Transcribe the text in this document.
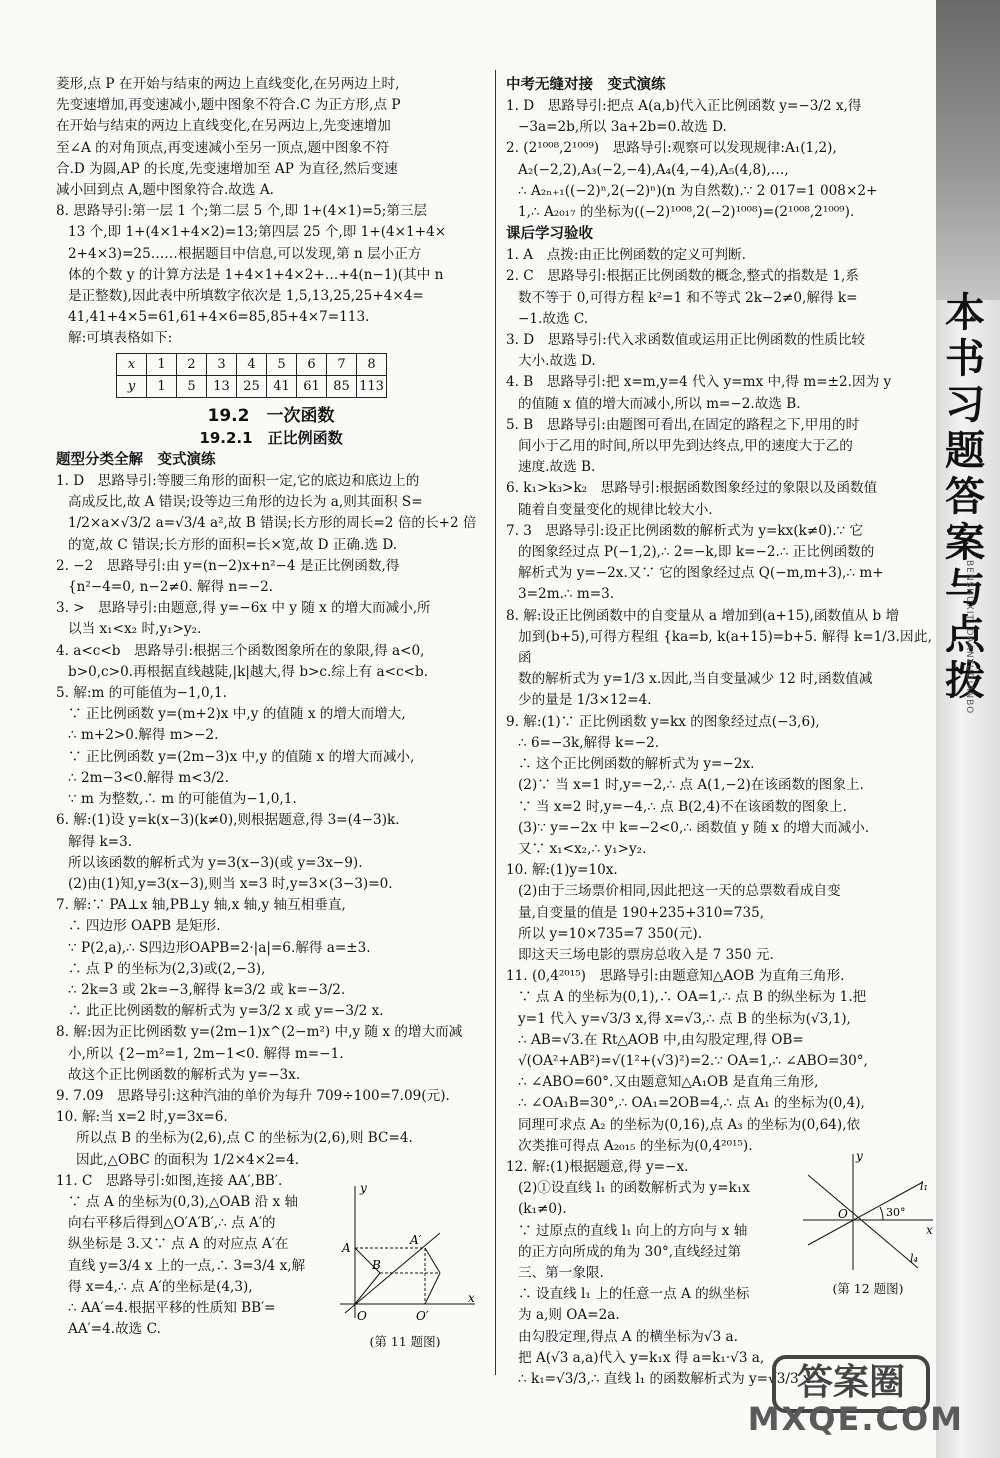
本书习题答案与点拨
BENSHUXITI DAANYUDIANBO

菱形,点 P 在开始与结束的两边上直线变化,在另两边上时,

先变速增加,再变速减小,题中图象不符合.C 为正方形,点 P

在开始与结束的两边上直线变化,在另两边上,先变速增加

至∠A 的对角顶点,再变速减小至另一顶点,题中图象不符

合.D 为圆,AP 的长度,先变速增加至 AP 为直径,然后变速

减小回到点 A,题中图象符合.故选 A.

8. 思路导引:第一层 1 个;第二层 5 个,即 1+(4×1)=5;第三层

13 个,即 1+(4×1+4×2)=13;第四层 25 个,即 1+(4×1+4×

2+4×3)=25……根据题目中信息,可以发现,第 n 层小正方

体的个数 y 的计算方法是 1+4×1+4×2+…+4(n−1)(其中 n

是正整数),因此表中所填数字依次是 1,5,13,25,25+4×4=

41,41+4×5=61,61+4×6=85,85+4×7=113.

解:可填表格如下:

x	1	2	3	4	5	6	7	8
y	1	5	13	25	41	61	85	113
19.2　一次函数
19.2.1　正比例函数
题型分类全解　变式演练

1. D　思路导引:等腰三角形的面积一定,它的底边和底边上的

高成反比,故 A 错误;设等边三角形的边长为 a,则其面积 S=

1/2×a×√3/2 a=√3/4 a²,故 B 错误;长方形的周长=2 倍的长+2 倍

的宽,故 C 错误;长方形的面积=长×宽,故 D 正确.选 D.

2. −2　思路导引:由 y=(n−2)x+n²−4 是正比例函数,得

{n²−4=0, n−2≠0. 解得 n=−2.

3. >　思路导引:由题意,得 y=−6x 中 y 随 x 的增大而减小,所

以当 x₁<x₂ 时,y₁>y₂.

4. a<c<b　思路导引:根据三个函数图象所在的象限,得 a<0,

b>0,c>0.再根据直线越陡,|k|越大,得 b>c.综上有 a<c<b.

5. 解:m 的可能值为−1,0,1.

∵ 正比例函数 y=(m+2)x 中,y 的值随 x 的增大而增大,

∴ m+2>0.解得 m>−2.

∵ 正比例函数 y=(2m−3)x 中,y 的值随 x 的增大而减小,

∴ 2m−3<0.解得 m<3/2.

∵ m 为整数,∴ m 的可能值为−1,0,1.

6. 解:(1)设 y=k(x−3)(k≠0),则根据题意,得 3=(4−3)k.

解得 k=3.

所以该函数的解析式为 y=3(x−3)(或 y=3x−9).

(2)由(1)知,y=3(x−3),则当 x=3 时,y=3×(3−3)=0.

7. 解:∵ PA⊥x 轴,PB⊥y 轴,x 轴,y 轴互相垂直,

∴ 四边形 OAPB 是矩形.

∵ P(2,a),∴ S四边形OAPB=2·|a|=6.解得 a=±3.

∴ 点 P 的坐标为(2,3)或(2,−3),

∴ 2k=3 或 2k=−3,解得 k=3/2 或 k=−3/2.

∴ 此正比例函数的解析式为 y=3/2 x 或 y=−3/2 x.

8. 解:因为正比例函数 y=(2m−1)x^(2−m²) 中,y 随 x 的增大而减

小,所以 {2−m²=1, 2m−1<0. 解得 m=−1.

故这个正比例函数的解析式为 y=−3x.

9. 7.09　思路导引:这种汽油的单价为每升 709÷100=7.09(元).

10. 解:当 x=2 时,y=3x=6.

所以点 B 的坐标为(2,6),点 C 的坐标为(2,6),则 BC=4.

因此,△OBC 的面积为 1/2×4×2=4.

11. C　思路导引:如图,连接 AA′,BB′.

∵ 点 A 的坐标为(0,3),△OAB 沿 x 轴

向右平移后得到△O′A′B′,∴ 点 A′的

纵坐标是 3.又∵ 点 A 的对应点 A′在

直线 y=3/4 x 上的一点,∴ 3=3/4 x,解

得 x=4,∴ 点 A′的坐标是(4,3),

∴ AA′=4.根据平移的性质知 BB′=

AA′=4.故选 C.

y
x
A
A′
B
O	O′
(第 11 题图)
中考无缝对接　变式演练

1. D　思路导引:把点 A(a,b)代入正比例函数 y=−3/2 x,得

−3a=2b,所以 3a+2b=0.故选 D.

2. (2¹⁰⁰⁸,2¹⁰⁰⁹)　思路导引:观察可以发现规律:A₁(1,2),

A₂(−2,2),A₃(−2,−4),A₄(4,−4),A₅(4,8),…,

∴ A₂ₙ₊₁((−2)ⁿ,2(−2)ⁿ)(n 为自然数).∵ 2 017=1 008×2+

1,∴ A₂₀₁₇ 的坐标为((−2)¹⁰⁰⁸,2(−2)¹⁰⁰⁸)=(2¹⁰⁰⁸,2¹⁰⁰⁹).

课后学习验收

1. A　点拨:由正比例函数的定义可判断.

2. C　思路导引:根据正比例函数的概念,整式的指数是 1,系

数不等于 0,可得方程 k²=1 和不等式 2k−2≠0,解得 k=

−1.故选 C.

3. D　思路导引:代入求函数值或运用正比例函数的性质比较

大小.故选 D.

4. B　思路导引:把 x=m,y=4 代入 y=mx 中,得 m=±2.因为 y

的值随 x 值的增大而减小,所以 m=−2.故选 B.

5. B　思路导引:由题图可看出,在固定的路程之下,甲用的时

间小于乙用的时间,所以甲先到达终点,甲的速度大于乙的

速度.故选 B.

6. k₁>k₃>k₂　思路导引:根据函数图象经过的象限以及函数值

随着自变量变化的规律比较大小.

7. 3　思路导引:设正比例函数的解析式为 y=kx(k≠0).∵ 它

的图象经过点 P(−1,2),∴ 2=−k,即 k=−2.∴ 正比例函数的

解析式为 y=−2x.又∵ 它的图象经过点 Q(−m,m+3),∴ m+

3=2m.∴ m=3.

8. 解:设正比例函数中的自变量从 a 增加到(a+15),函数值从 b 增

加到(b+5),可得方程组 {ka=b, k(a+15)=b+5. 解得 k=1/3.因此,函

数的解析式为 y=1/3 x.因此,当自变量减少 12 时,函数值减

少的量是 1/3×12=4.

9. 解:(1)∵ 正比例函数 y=kx 的图象经过点(−3,6),

∴ 6=−3k,解得 k=−2.

∴ 这个正比例函数的解析式为 y=−2x.

(2)∵ 当 x=1 时,y=−2,∴ 点 A(1,−2)在该函数的图象上.

∵ 当 x=2 时,y=−4,∴ 点 B(2,4)不在该函数的图象上.

(3)∵ y=−2x 中 k=−2<0,∴ 函数值 y 随 x 的增大而减小.

又∵ x₁<x₂,∴ y₁>y₂.

10. 解:(1)y=10x.

(2)由于三场票价相同,因此把这一天的总票数看成自变

量,自变量的值是 190+235+310=735,

所以 y=10×735=7 350(元).

即这天三场电影的票房总收入是 7 350 元.

11. (0,4²⁰¹⁵)　思路导引:由题意知△AOB 为直角三角形.

∵ 点 A 的坐标为(0,1),∴ OA=1,∴ 点 B 的纵坐标为 1.把

y=1 代入 y=√3/3 x,得 x=√3,∴ 点 B 的坐标为(√3,1),

∴ AB=√3.在 Rt△AOB 中,由勾股定理,得 OB=

√(OA²+AB²)=√(1²+(√3)²)=2.∵ OA=1,∴ ∠ABO=30°,

∴ ∠ABO=60°.又由题意知△A₁OB 是直角三角形,

∴ ∠OA₁B=30°,∴ OA₁=2OB=4,∴ 点 A₁ 的坐标为(0,4),

同理可求点 A₂ 的坐标为(0,16),点 A₃ 的坐标为(0,64),依

次类推可得点 A₂₀₁₅ 的坐标为(0,4²⁰¹⁵).

12. 解:(1)根据题意,得 y=−x.

(2)①设直线 l₁ 的函数解析式为 y=k₁x

(k₁≠0).

∵ 过原点的直线 l₁ 向上的方向与 x 轴

的正方向所成的角为 30°,直线经过第

三、第一象限.

∴ 设直线 l₁ 上的任意一点 A 的纵坐标

为 a,则 OA=2a.

由勾股定理,得点 A 的横坐标为√3 a.

把 A(√3 a,a)代入 y=k₁x 得 a=k₁·√3 a,

∴ k₁=√3/3,∴ 直线 l₁ 的函数解析式为 y=√3/3 x.

y
x
O	30°
l₁
l₄
(第 12 题图)
答案圈
MXQE.COM
